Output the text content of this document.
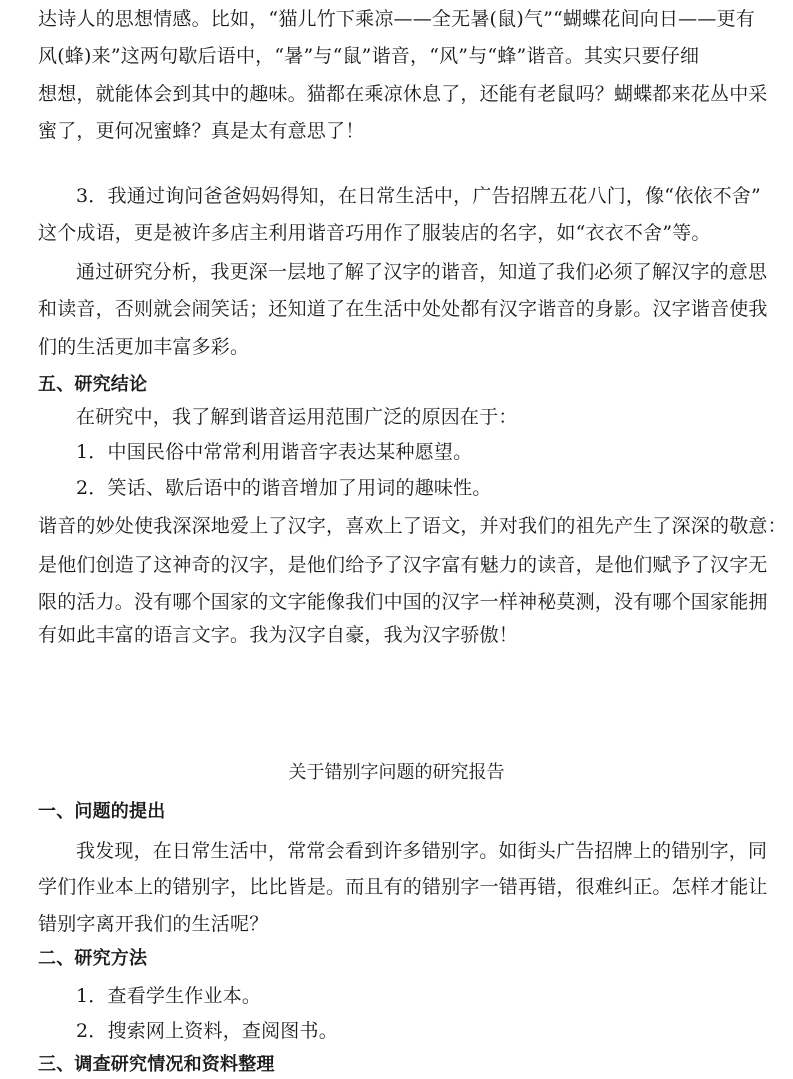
达诗人的思想情感。比如，“猫儿竹下乘凉——全无暑(鼠)气”“蝴蝶花间向日——更有
风(蜂)来”这两句歇后语中，“暑”与“鼠”谐音，“风”与“蜂”谐音。其实只要仔细
想想，就能体会到其中的趣味。猫都在乘凉休息了，还能有老鼠吗？蝴蝶都来花丛中采
蜜了，更何况蜜蜂？真是太有意思了！
3．我通过询问爸爸妈妈得知，在日常生活中，广告招牌五花八门，像“依依不舍”
这个成语，更是被许多店主利用谐音巧用作了服装店的名字，如“衣衣不舍”等。
通过研究分析，我更深一层地了解了汉字的谐音，知道了我们必须了解汉字的意思
和读音，否则就会闹笑话；还知道了在生活中处处都有汉字谐音的身影。汉字谐音使我
们的生活更加丰富多彩。
五、研究结论
在研究中，我了解到谐音运用范围广泛的原因在于：
1．中国民俗中常常利用谐音字表达某种愿望。
2．笑话、歇后语中的谐音增加了用词的趣味性。
谐音的妙处使我深深地爱上了汉字，喜欢上了语文，并对我们的祖先产生了深深的敬意：
是他们创造了这神奇的汉字，是他们给予了汉字富有魅力的读音，是他们赋予了汉字无
限的活力。没有哪个国家的文字能像我们中国的汉字一样神秘莫测，没有哪个国家能拥
有如此丰富的语言文字。我为汉字自豪，我为汉字骄傲！
关于错别字问题的研究报告
一、问题的提出
我发现，在日常生活中，常常会看到许多错别字。如街头广告招牌上的错别字，同
学们作业本上的错别字，比比皆是。而且有的错别字一错再错，很难纠正。怎样才能让
错别字离开我们的生活呢？
二、研究方法
1．查看学生作业本。
2．搜索网上资料，查阅图书。
三、调查研究情况和资料整理
